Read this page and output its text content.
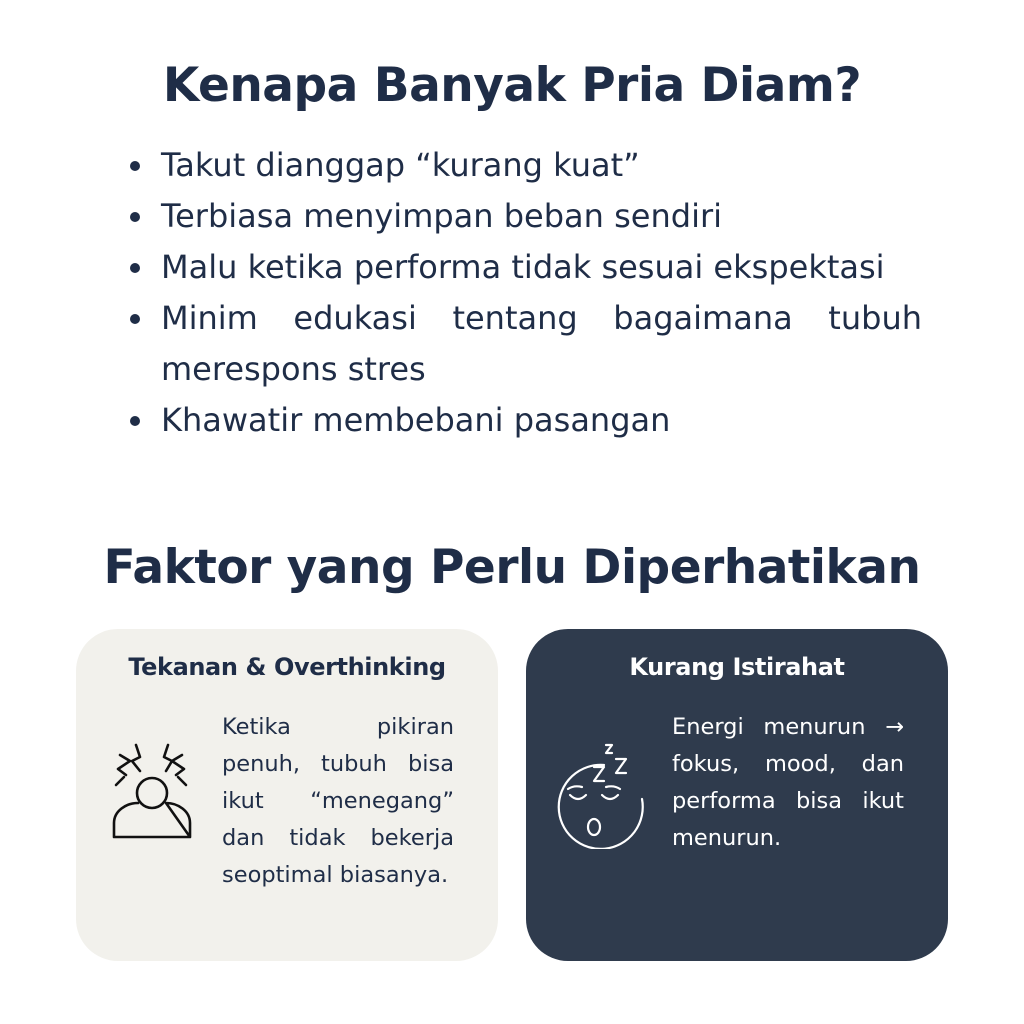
Kenapa Banyak Pria Diam?
Takut dianggap “kurang kuat”
Terbiasa menyimpan beban sendiri
Malu ketika performa tidak sesuai ekspektasi
Minim edukasi tentang bagaimana tubuh merespons stres
Khawatir membebani pasangan
Faktor yang Perlu Diperhatikan
Tekanan & Overthinking
Ketika pikiran penuh, tubuh bisa ikut “menegang” dan tidak bekerja seoptimal biasanya.
Kurang Istirahat
Energi menurun → fokus, mood, dan performa bisa ikut menurun.
